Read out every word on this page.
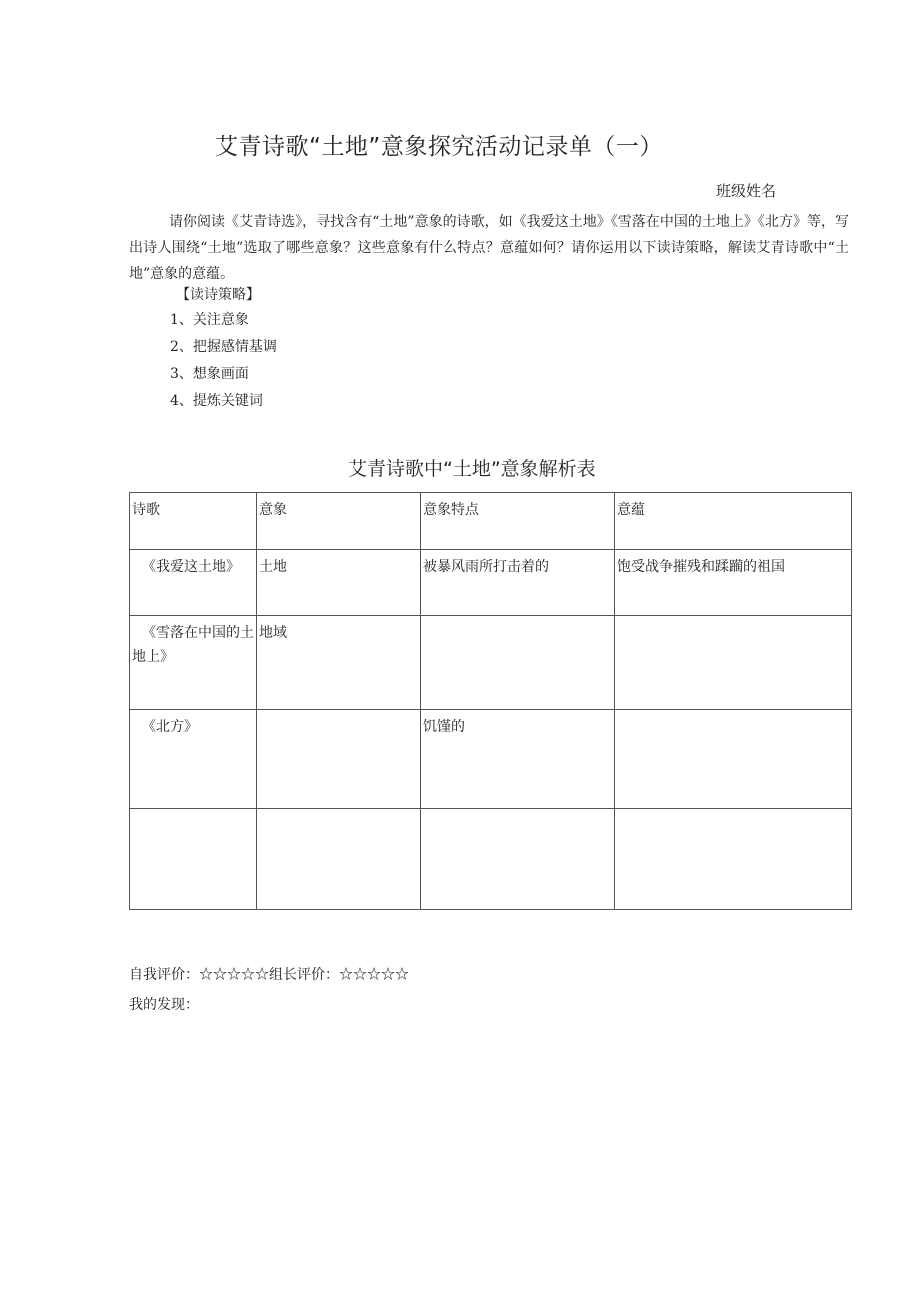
艾青诗歌“土地”意象探究活动记录单（一）
班级姓名
请你阅读《艾青诗选》，寻找含有“土地”意象的诗歌，如《我爱这土地》《雪落在中国的土地上》《北方》等，写出诗人围绕“土地”选取了哪些意象？这些意象有什么特点？意蕴如何？请你运用以下读诗策略，解读艾青诗歌中“土地”意象的意蕴。
【读诗策略】
1、关注意象
2、把握感情基调
3、想象画面
4、提炼关键词
艾青诗歌中“土地”意象解析表
诗歌	意象	意象特点	意蕴
《我爱这土地》	土地	被暴风雨所打击着的	饱受战争摧残和蹂躏的祖国
《雪落在中国的土地上》	地域		
《北方》		饥馑的	

自我评价：☆☆☆☆☆组长评价：☆☆☆☆☆
我的发现：
